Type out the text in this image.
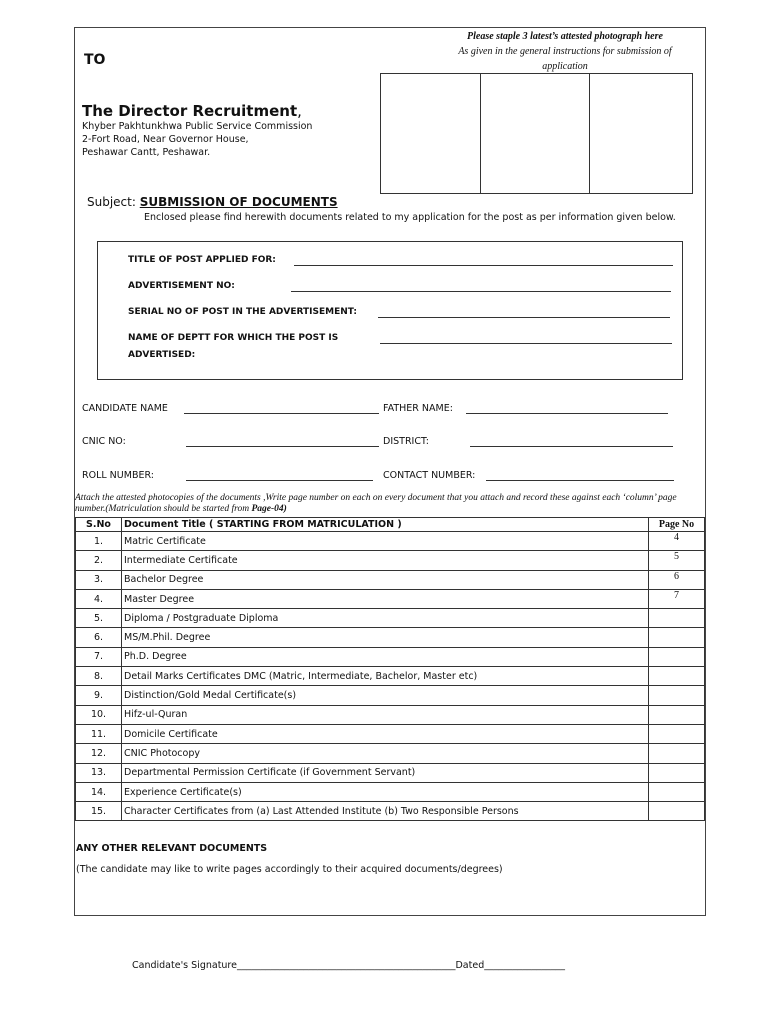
TO
Please staple 3 latest’s attested photograph here
As given in the general instructions for submission of
application
The Director Recruitment,
Khyber Pakhtunkhwa Public Service Commission
2-Fort Road, Near Governor House,
Peshawar Cantt, Peshawar.
Subject: SUBMISSION OF DOCUMENTS
Enclosed please find herewith documents related to my application for the post as per information given below.
TITLE OF POST APPLIED FOR:
ADVERTISEMENT NO:
SERIAL NO OF POST IN THE ADVERTISEMENT:
NAME OF DEPTT FOR WHICH THE POST IS
ADVERTISED:
CANDIDATE NAME	FATHER NAME:
CNIC NO:	DISTRICT:
ROLL NUMBER:	CONTACT NUMBER:
Attach the attested photocopies of the documents ,Write page number on each on every document that you attach and record these against each ‘column’ page number.(Matriculation should be started from Page-04)
S.No	Document Title ( STARTING FROM MATRICULATION )	Page No
1.	Matric Certificate	4
2.	Intermediate Certificate	5
3.	Bachelor Degree	6
4.	Master Degree	7
5.	Diploma / Postgraduate Diploma	
6.	MS/M.Phil. Degree	
7.	Ph.D. Degree	
8.	Detail Marks Certificates DMC (Matric, Intermediate, Bachelor, Master etc)	
9.	Distinction/Gold Medal Certificate(s)	
10.	Hifz-ul-Quran	
11.	Domicile Certificate	
12.	CNIC Photocopy	
13.	Departmental Permission Certificate (if Government Servant)	
14.	Experience Certificate(s)	
15.	Character Certificates from (a) Last Attended Institute (b) Two Responsible Persons	
ANY OTHER RELEVANT DOCUMENTS
(The candidate may like to write pages accordingly to their acquired documents/degrees)
Candidate's Signature______________________________________________Dated_________________
